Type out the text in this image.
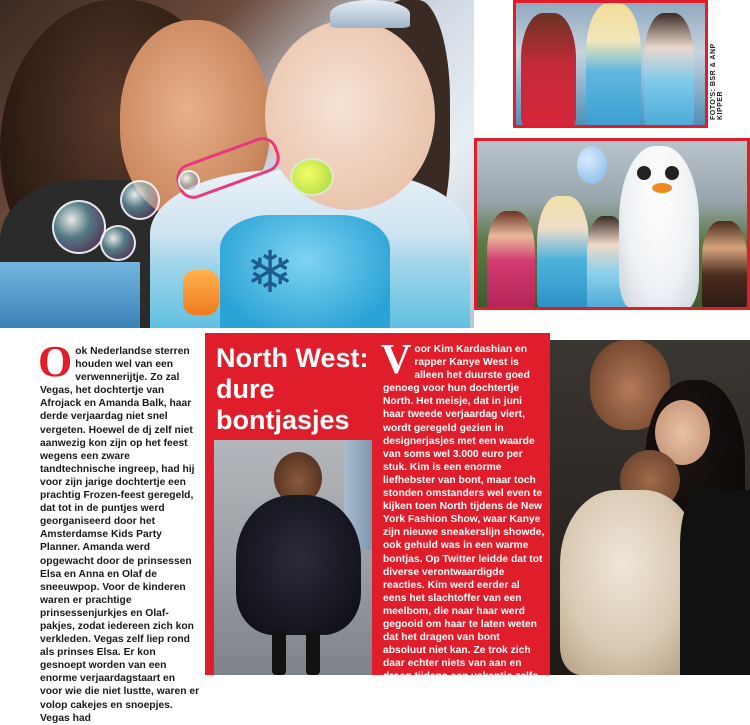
❄
FOTO'S: BSR & ANP KIPPER
Ook Nederlandse sterren houden wel van een verwennerijtje. Zo zal Vegas, het dochtertje van Afrojack en Amanda Balk, haar derde verjaardag niet snel vergeten. Hoewel de dj zelf niet aanwezig kon zijn op het feest wegens een zware tandtechnische ingreep, had hij voor zijn jarige dochtertje een prachtig Frozen-feest geregeld, dat tot in de puntjes werd georganiseerd door het Amsterdamse Kids Party Planner. Amanda werd opgewacht door de prinsessen Elsa en Anna en Olaf de sneeuwpop. Voor de kinderen waren er prachtige prinsessenjurkjes en Olaf-pakjes, zodat iedereen zich kon verkleden. Vegas zelf liep rond als prinses Elsa. Er kon gesnoept worden van een enorme verjaardagstaart en voor wie die niet lustte, waren er volop cakejes en snoepjes. Vegas had
North West:
dure
bontjasjes
Voor Kim Kardashian en rapper Kanye West is alleen het duurste goed genoeg voor hun dochtertje North. Het meisje, dat in juni haar tweede verjaardag viert, wordt geregeld gezien in designerjasjes met een waarde van soms wel 3.000 euro per stuk. Kim is een enorme liefhebster van bont, maar toch stonden omstanders wel even te kijken toen North tijdens de New York Fashion Show, waar Kanye zijn nieuwe sneakerslijn showde, ook gehuld was in een warme bontjas. Op Twitter leidde dat tot diverse verontwaardigde reacties. Kim werd eerder al eens het slachtoffer van een meelbom, die naar haar werd gegooid om haar te laten weten dat het dragen van bont absoluut niet kan. Ze trok zich daar echter niets van aan en droeg tijdens een vakantie zelfs een bikini van bont. Kim vindt verder blijkbaar ook dat haar dochter al zo jong
